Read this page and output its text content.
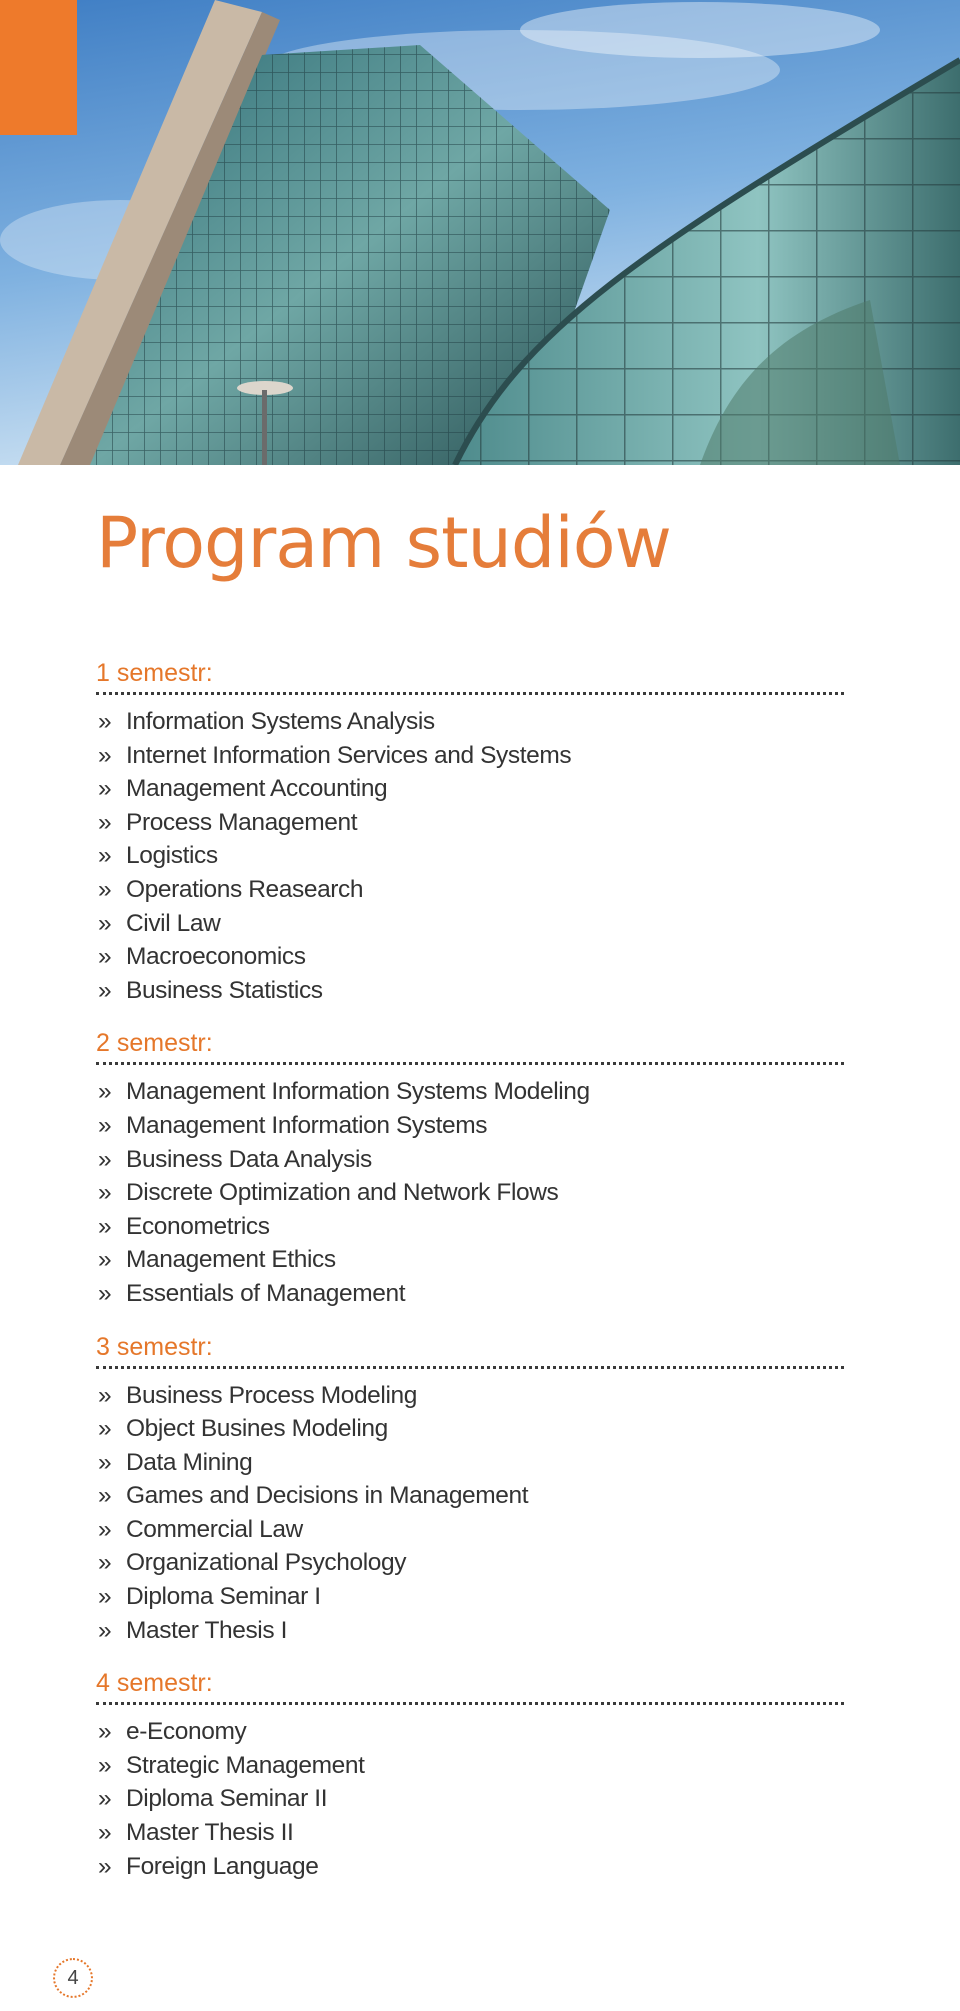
Program studiów
1 semestr:
» Information Systems Analysis
» Internet Information Services and Systems
» Management Accounting
» Process Management
» Logistics
» Operations Reasearch
» Civil Law
» Macroeconomics
» Business Statistics
2 semestr:
» Management Information Systems Modeling
» Management Information Systems
» Business Data Analysis
» Discrete Optimization and Network Flows
» Econometrics
» Management Ethics
» Essentials of Management
3 semestr:
» Business Process Modeling
» Object Busines Modeling
» Data Mining
» Games and Decisions in Management
» Commercial Law
» Organizational Psychology
» Diploma Seminar I
» Master Thesis I
4 semestr:
» e-Economy
» Strategic Management
» Diploma Seminar II
» Master Thesis II
» Foreign Language
4
